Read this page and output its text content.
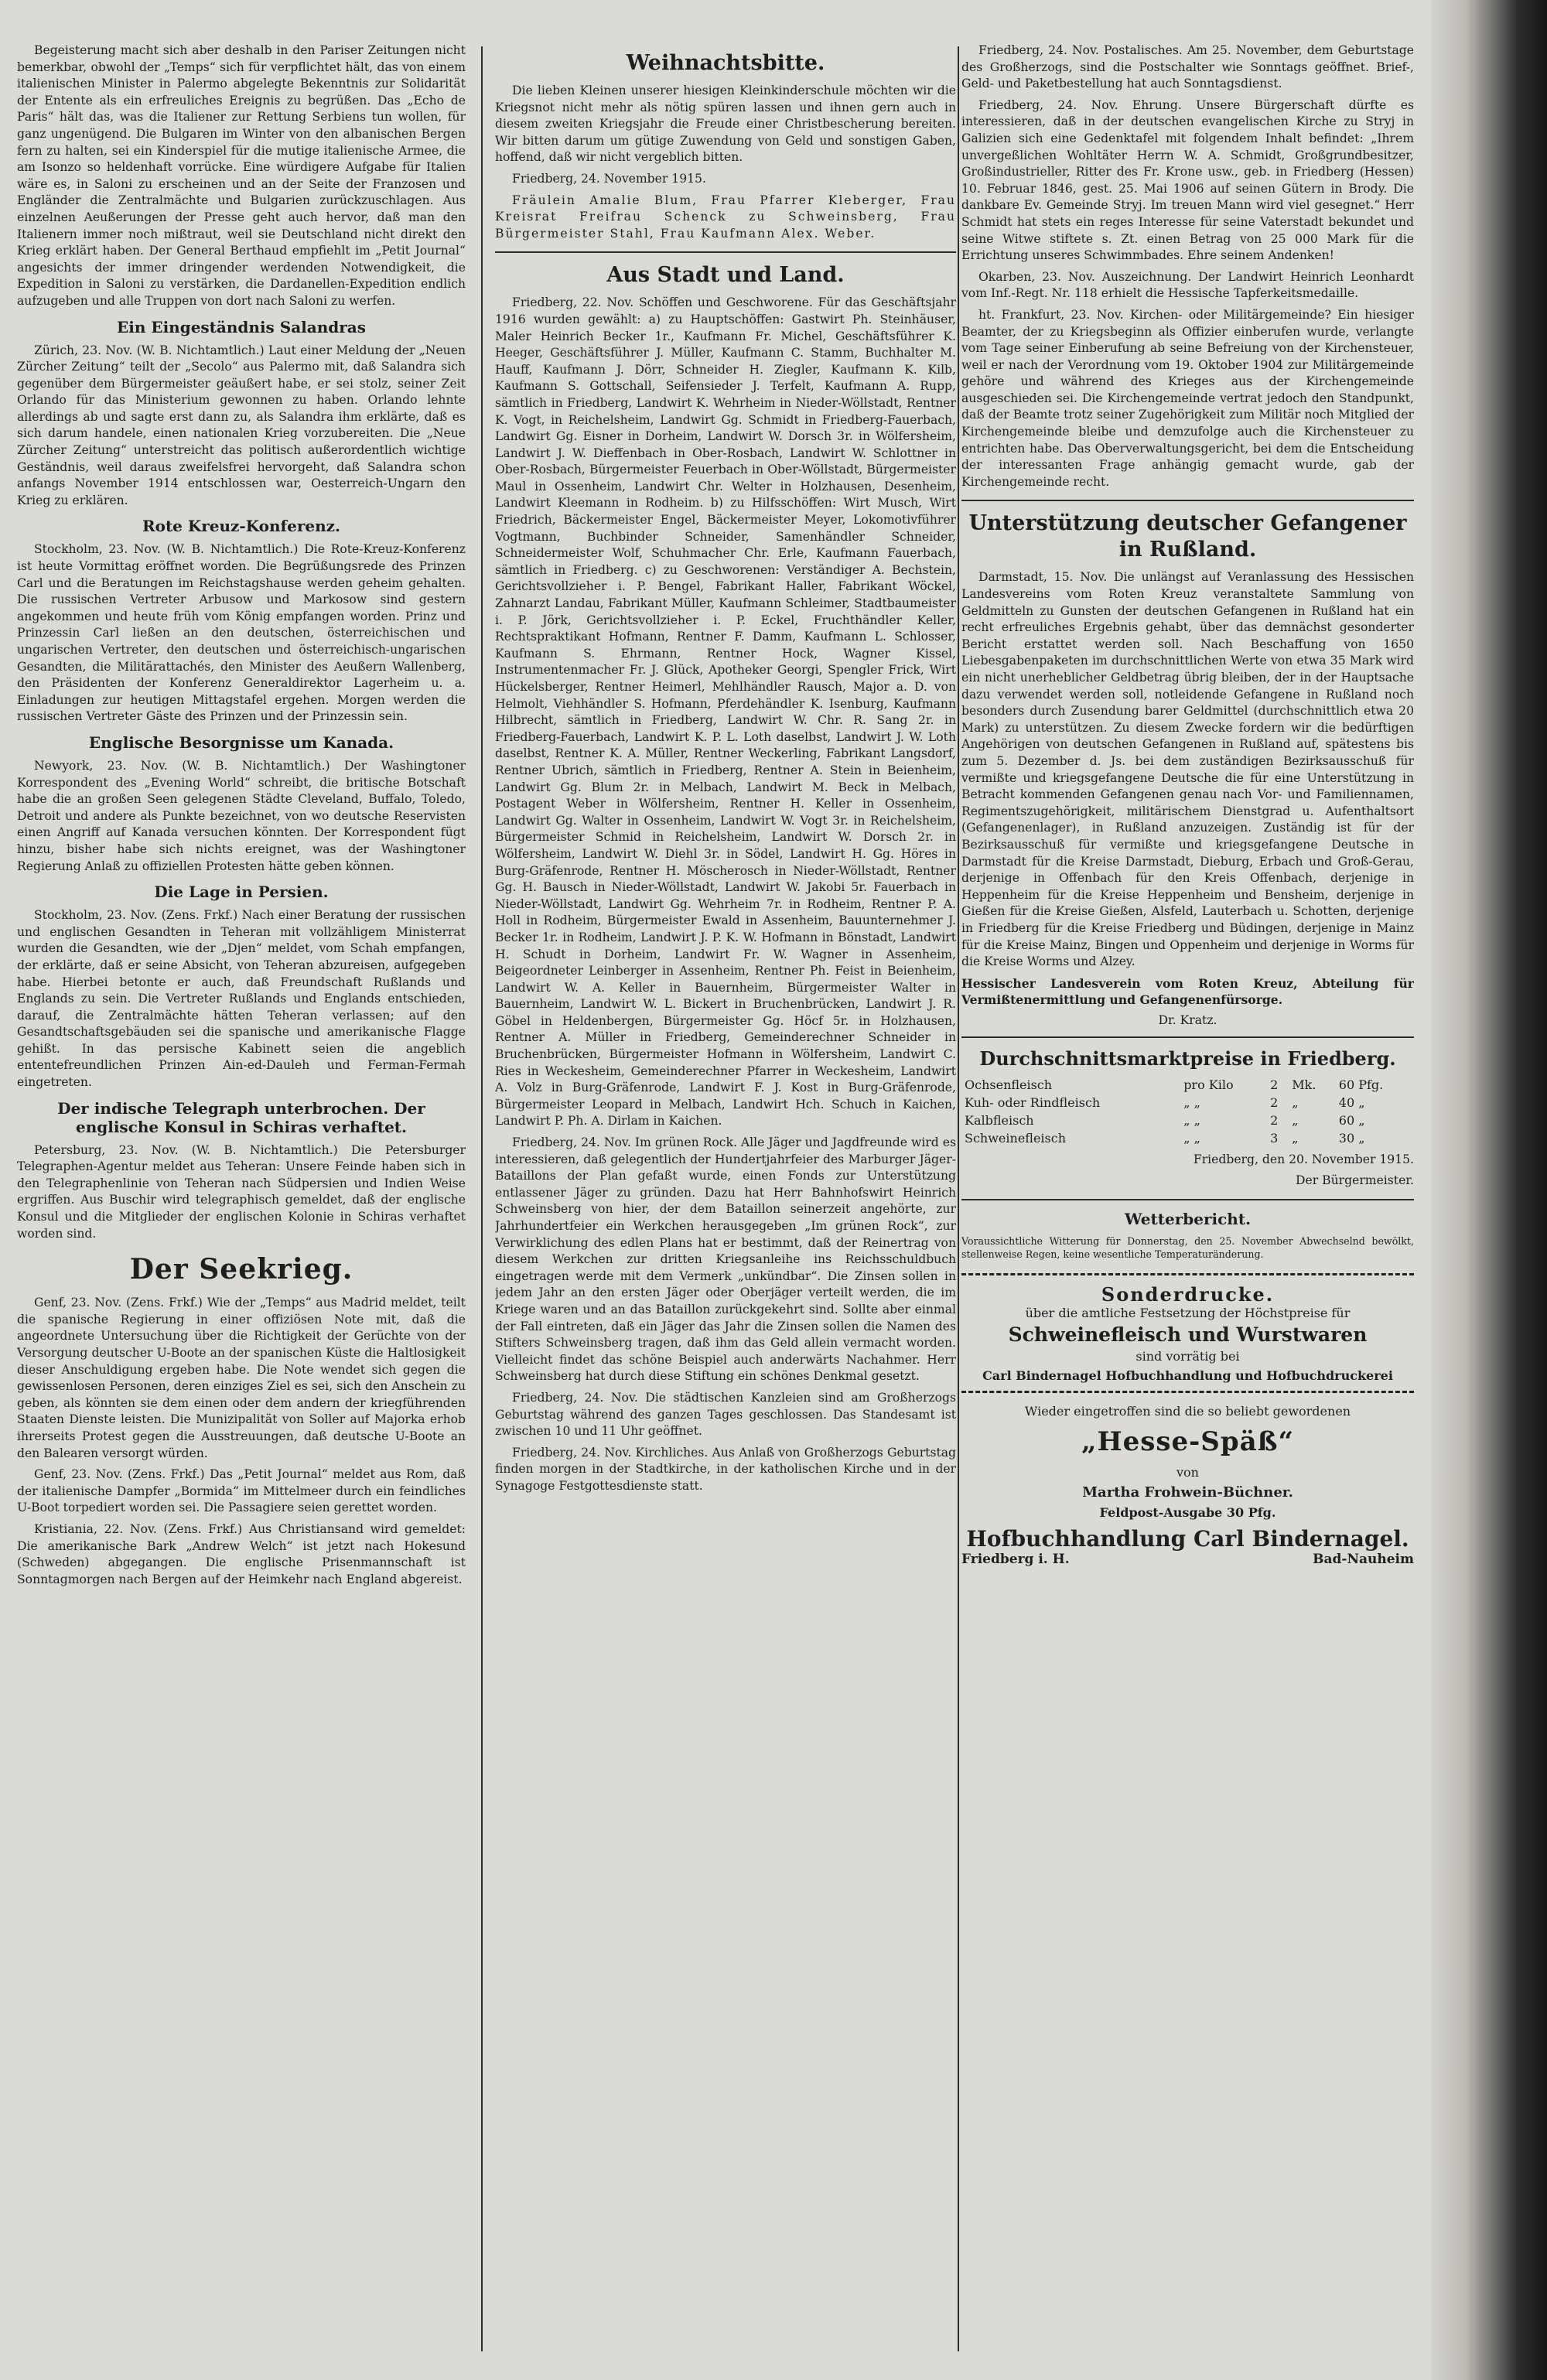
Begeisterung macht sich aber deshalb in den Pariser Zeitungen nicht bemerkbar, obwohl der „Temps“ sich für verpflichtet hält, das von einem italienischen Minister in Palermo abgelegte Bekenntnis zur Solidarität der Entente als ein erfreuliches Ereignis zu begrüßen. Das „Echo de Paris“ hält das, was die Italiener zur Rettung Serbiens tun wollen, für ganz ungenügend. Die Bulgaren im Winter von den albanischen Bergen fern zu halten, sei ein Kinderspiel für die mutige italienische Armee, die am Isonzo so heldenhaft vorrücke. Eine würdigere Aufgabe für Italien wäre es, in Saloni zu erscheinen und an der Seite der Franzosen und Engländer die Zentralmächte und Bulgarien zurückzuschlagen. Aus einzelnen Aeußerungen der Presse geht auch hervor, daß man den Italienern immer noch mißtraut, weil sie Deutschland nicht direkt den Krieg erklärt haben. Der General Berthaud empfiehlt im „Petit Journal“ angesichts der immer dringender werdenden Notwendigkeit, die Expedition in Saloni zu verstärken, die Dardanellen-Expedition endlich aufzugeben und alle Truppen von dort nach Saloni zu werfen.

Ein Eingeständnis Salandras

Zürich, 23. Nov. (W. B. Nichtamtlich.) Laut einer Meldung der „Neuen Zürcher Zeitung“ teilt der „Secolo“ aus Palermo mit, daß Salandra sich gegenüber dem Bürgermeister geäußert habe, er sei stolz, seiner Zeit Orlando für das Ministerium gewonnen zu haben. Orlando lehnte allerdings ab und sagte erst dann zu, als Salandra ihm erklärte, daß es sich darum handele, einen nationalen Krieg vorzubereiten. Die „Neue Zürcher Zeitung“ unterstreicht das politisch außerordentlich wichtige Geständnis, weil daraus zweifelsfrei hervorgeht, daß Salandra schon anfangs November 1914 entschlossen war, Oesterreich-Ungarn den Krieg zu erklären.

Rote Kreuz-Konferenz.

Stockholm, 23. Nov. (W. B. Nichtamtlich.) Die Rote-Kreuz-Konferenz ist heute Vormittag eröffnet worden. Die Begrüßungsrede des Prinzen Carl und die Beratungen im Reichstagshause werden geheim gehalten. Die russischen Vertreter Arbusow und Markosow sind gestern angekommen und heute früh vom König empfangen worden. Prinz und Prinzessin Carl ließen an den deutschen, österreichischen und ungarischen Vertreter, den deutschen und österreichisch-ungarischen Gesandten, die Militärattachés, den Minister des Aeußern Wallenberg, den Präsidenten der Konferenz Generaldirektor Lagerheim u. a. Einladungen zur heutigen Mittagstafel ergehen. Morgen werden die russischen Vertreter Gäste des Prinzen und der Prinzessin sein.

Englische Besorgnisse um Kanada.

Newyork, 23. Nov. (W. B. Nichtamtlich.) Der Washingtoner Korrespondent des „Evening World“ schreibt, die britische Botschaft habe die an großen Seen gelegenen Städte Cleveland, Buffalo, Toledo, Detroit und andere als Punkte bezeichnet, von wo deutsche Reservisten einen Angriff auf Kanada versuchen könnten. Der Korrespondent fügt hinzu, bisher habe sich nichts ereignet, was der Washingtoner Regierung Anlaß zu offiziellen Protesten hätte geben können.

Die Lage in Persien.

Stockholm, 23. Nov. (Zens. Frkf.) Nach einer Beratung der russischen und englischen Gesandten in Teheran mit vollzähligem Ministerrat wurden die Gesandten, wie der „Djen“ meldet, vom Schah empfangen, der erklärte, daß er seine Absicht, von Teheran abzureisen, aufgegeben habe. Hierbei betonte er auch, daß Freundschaft Rußlands und Englands zu sein. Die Vertreter Rußlands und Englands entschieden, darauf, die Zentralmächte hätten Teheran verlassen; auf den Gesandtschaftsgebäuden sei die spanische und amerikanische Flagge gehißt. In das persische Kabinett seien die angeblich ententefreundlichen Prinzen Ain-ed-Dauleh und Ferman-Fermah eingetreten.

Der indische Telegraph unterbrochen. Der englische Konsul in Schiras verhaftet.

Petersburg, 23. Nov. (W. B. Nichtamtlich.) Die Petersburger Telegraphen-Agentur meldet aus Teheran: Unsere Feinde haben sich in den Telegraphenlinie von Teheran nach Südpersien und Indien Weise ergriffen. Aus Buschir wird telegraphisch gemeldet, daß der englische Konsul und die Mitglieder der englischen Kolonie in Schiras verhaftet worden sind.

Der Seekrieg.

Genf, 23. Nov. (Zens. Frkf.) Wie der „Temps“ aus Madrid meldet, teilt die spanische Regierung in einer offiziösen Note mit, daß die angeordnete Untersuchung über die Richtigkeit der Gerüchte von der Versorgung deutscher U-Boote an der spanischen Küste die Haltlosigkeit dieser Anschuldigung ergeben habe. Die Note wendet sich gegen die gewissenlosen Personen, deren einziges Ziel es sei, sich den Anschein zu geben, als könnten sie dem einen oder dem andern der kriegführenden Staaten Dienste leisten. Die Munizipalität von Soller auf Majorka erhob ihrerseits Protest gegen die Ausstreuungen, daß deutsche U-Boote an den Balearen versorgt würden.

Genf, 23. Nov. (Zens. Frkf.) Das „Petit Journal“ meldet aus Rom, daß der italienische Dampfer „Bormida“ im Mittelmeer durch ein feindliches U-Boot torpediert worden sei. Die Passagiere seien gerettet worden.

Kristiania, 22. Nov. (Zens. Frkf.) Aus Christiansand wird gemeldet: Die amerikanische Bark „Andrew Welch“ ist jetzt nach Hokesund (Schweden) abgegangen. Die englische Prisenmannschaft ist Sonntagmorgen nach Bergen auf der Heimkehr nach England abgereist.

Weihnachtsbitte.

Die lieben Kleinen unserer hiesigen Kleinkinderschule möchten wir die Kriegsnot nicht mehr als nötig spüren lassen und ihnen gern auch in diesem zweiten Kriegsjahr die Freude einer Christbescherung bereiten. Wir bitten darum um gütige Zuwendung von Geld und sonstigen Gaben, hoffend, daß wir nicht vergeblich bitten.

Friedberg, 24. November 1915.

Fräulein Amalie Blum, Frau Pfarrer Kleberger, Frau Kreisrat Freifrau Schenck zu Schweinsberg, Frau Bürgermeister Stahl, Frau Kaufmann Alex. Weber.

Aus Stadt und Land.

Friedberg, 22. Nov. Schöffen und Geschworene. Für das Geschäftsjahr 1916 wurden gewählt: a) zu Hauptschöffen: Gastwirt Ph. Steinhäuser, Maler Heinrich Becker 1r., Kaufmann Fr. Michel, Geschäftsführer K. Heeger, Geschäftsführer J. Müller, Kaufmann C. Stamm, Buchhalter M. Hauff, Kaufmann J. Dörr, Schneider H. Ziegler, Kaufmann K. Kilb, Kaufmann S. Gottschall, Seifensieder J. Terfelt, Kaufmann A. Rupp, sämtlich in Friedberg, Landwirt K. Wehrheim in Nieder-Wöllstadt, Rentner K. Vogt, in Reichelsheim, Landwirt Gg. Schmidt in Friedberg-Fauerbach, Landwirt Gg. Eisner in Dorheim, Landwirt W. Dorsch 3r. in Wölfersheim, Landwirt J. W. Dieffenbach in Ober-Rosbach, Landwirt W. Schlottner in Ober-Rosbach, Bürgermeister Feuerbach in Ober-Wöllstadt, Bürgermeister Maul in Ossenheim, Landwirt Chr. Welter in Holzhausen, Desenheim, Landwirt Kleemann in Rodheim. b) zu Hilfsschöffen: Wirt Musch, Wirt Friedrich, Bäckermeister Engel, Bäckermeister Meyer, Lokomotivführer Vogtmann, Buchbinder Schneider, Samenhändler Schneider, Schneidermeister Wolf, Schuhmacher Chr. Erle, Kaufmann Fauerbach, sämtlich in Friedberg. c) zu Geschworenen: Verständiger A. Bechstein, Gerichtsvollzieher i. P. Bengel, Fabrikant Haller, Fabrikant Wöckel, Zahnarzt Landau, Fabrikant Müller, Kaufmann Schleimer, Stadtbaumeister i. P. Jörk, Gerichtsvollzieher i. P. Eckel, Fruchthändler Keller, Rechtspraktikant Hofmann, Rentner F. Damm, Kaufmann L. Schlosser, Kaufmann S. Ehrmann, Rentner Hock, Wagner Kissel, Instrumentenmacher Fr. J. Glück, Apotheker Georgi, Spengler Frick, Wirt Hückelsberger, Rentner Heimerl, Mehlhändler Rausch, Major a. D. von Helmolt, Viehhändler S. Hofmann, Pferdehändler K. Isenburg, Kaufmann Hilbrecht, sämtlich in Friedberg, Landwirt W. Chr. R. Sang 2r. in Friedberg-Fauerbach, Landwirt K. P. L. Loth daselbst, Landwirt J. W. Loth daselbst, Rentner K. A. Müller, Rentner Weckerling, Fabrikant Langsdorf, Rentner Ubrich, sämtlich in Friedberg, Rentner A. Stein in Beienheim, Landwirt Gg. Blum 2r. in Melbach, Landwirt M. Beck in Melbach, Postagent Weber in Wölfersheim, Rentner H. Keller in Ossenheim, Landwirt Gg. Walter in Ossenheim, Landwirt W. Vogt 3r. in Reichelsheim, Bürgermeister Schmid in Reichelsheim, Landwirt W. Dorsch 2r. in Wölfersheim, Landwirt W. Diehl 3r. in Södel, Landwirt H. Gg. Höres in Burg-Gräfenrode, Rentner H. Möscherosch in Nieder-Wöllstadt, Rentner Gg. H. Bausch in Nieder-Wöllstadt, Landwirt W. Jakobi 5r. Fauerbach in Nieder-Wöllstadt, Landwirt Gg. Wehrheim 7r. in Rodheim, Rentner P. A. Holl in Rodheim, Bürgermeister Ewald in Assenheim, Bauunternehmer J. Becker 1r. in Rodheim, Landwirt J. P. K. W. Hofmann in Bönstadt, Landwirt H. Schudt in Dorheim, Landwirt Fr. W. Wagner in Assenheim, Beigeordneter Leinberger in Assenheim, Rentner Ph. Feist in Beienheim, Landwirt W. A. Keller in Bauernheim, Bürgermeister Walter in Bauernheim, Landwirt W. L. Bickert in Bruchenbrücken, Landwirt J. R. Göbel in Heldenbergen, Bürgermeister Gg. Höcf 5r. in Holzhausen, Rentner A. Müller in Friedberg, Gemeinderechner Schneider in Bruchenbrücken, Bürgermeister Hofmann in Wölfersheim, Landwirt C. Ries in Weckesheim, Gemeinderechner Pfarrer in Weckesheim, Landwirt A. Volz in Burg-Gräfenrode, Landwirt F. J. Kost in Burg-Gräfenrode, Bürgermeister Leopard in Melbach, Landwirt Hch. Schuch in Kaichen, Landwirt P. Ph. A. Dirlam in Kaichen.

Friedberg, 24. Nov. Im grünen Rock. Alle Jäger und Jagdfreunde wird es interessieren, daß gelegentlich der Hundertjahrfeier des Marburger Jäger-Bataillons der Plan gefaßt wurde, einen Fonds zur Unterstützung entlassener Jäger zu gründen. Dazu hat Herr Bahnhofswirt Heinrich Schweinsberg von hier, der dem Bataillon seinerzeit angehörte, zur Jahrhundertfeier ein Werkchen herausgegeben „Im grünen Rock“, zur Verwirklichung des edlen Plans hat er bestimmt, daß der Reinertrag von diesem Werkchen zur dritten Kriegsanleihe ins Reichsschuldbuch eingetragen werde mit dem Vermerk „unkündbar“. Die Zinsen sollen in jedem Jahr an den ersten Jäger oder Oberjäger verteilt werden, die im Kriege waren und an das Bataillon zurückgekehrt sind. Sollte aber einmal der Fall eintreten, daß ein Jäger das Jahr die Zinsen sollen die Namen des Stifters Schweinsberg tragen, daß ihm das Geld allein vermacht worden. Vielleicht findet das schöne Beispiel auch anderwärts Nachahmer. Herr Schweinsberg hat durch diese Stiftung ein schönes Denkmal gesetzt.

Friedberg, 24. Nov. Die städtischen Kanzleien sind am Großherzogs Geburtstag während des ganzen Tages geschlossen. Das Standesamt ist zwischen 10 und 11 Uhr geöffnet.

Friedberg, 24. Nov. Kirchliches. Aus Anlaß von Großherzogs Geburtstag finden morgen in der Stadtkirche, in der katholischen Kirche und in der Synagoge Festgottesdienste statt.

Friedberg, 24. Nov. Postalisches. Am 25. November, dem Geburtstage des Großherzogs, sind die Postschalter wie Sonntags geöffnet. Brief-, Geld- und Paketbestellung hat auch Sonntagsdienst.

Friedberg, 24. Nov. Ehrung. Unsere Bürgerschaft dürfte es interessieren, daß in der deutschen evangelischen Kirche zu Stryj in Galizien sich eine Gedenktafel mit folgendem Inhalt befindet: „Ihrem unvergeßlichen Wohltäter Herrn W. A. Schmidt, Großgrundbesitzer, Großindustrieller, Ritter des Fr. Krone usw., geb. in Friedberg (Hessen) 10. Februar 1846, gest. 25. Mai 1906 auf seinen Gütern in Brody. Die dankbare Ev. Gemeinde Stryj. Im treuen Mann wird viel gesegnet.“ Herr Schmidt hat stets ein reges Interesse für seine Vaterstadt bekundet und seine Witwe stiftete s. Zt. einen Betrag von 25 000 Mark für die Errichtung unseres Schwimmbades. Ehre seinem Andenken!

Okarben, 23. Nov. Auszeichnung. Der Landwirt Heinrich Leonhardt vom Inf.-Regt. Nr. 118 erhielt die Hessische Tapferkeitsmedaille.

ht. Frankfurt, 23. Nov. Kirchen- oder Militärgemeinde? Ein hiesiger Beamter, der zu Kriegsbeginn als Offizier einberufen wurde, verlangte vom Tage seiner Einberufung ab seine Befreiung von der Kirchensteuer, weil er nach der Verordnung vom 19. Oktober 1904 zur Militärgemeinde gehöre und während des Krieges aus der Kirchengemeinde ausgeschieden sei. Die Kirchengemeinde vertrat jedoch den Standpunkt, daß der Beamte trotz seiner Zugehörigkeit zum Militär noch Mitglied der Kirchengemeinde bleibe und demzufolge auch die Kirchensteuer zu entrichten habe. Das Oberverwaltungsgericht, bei dem die Entscheidung der interessanten Frage anhängig gemacht wurde, gab der Kirchengemeinde recht.

Unterstützung deutscher Gefangener in Rußland.

Darmstadt, 15. Nov. Die unlängst auf Veranlassung des Hessischen Landesvereins vom Roten Kreuz veranstaltete Sammlung von Geldmitteln zu Gunsten der deutschen Gefangenen in Rußland hat ein recht erfreuliches Ergebnis gehabt, über das demnächst gesonderter Bericht erstattet werden soll. Nach Beschaffung von 1650 Liebesgabenpaketen im durchschnittlichen Werte von etwa 35 Mark wird ein nicht unerheblicher Geldbetrag übrig bleiben, der in der Hauptsache dazu verwendet werden soll, notleidende Gefangene in Rußland noch besonders durch Zusendung barer Geldmittel (durchschnittlich etwa 20 Mark) zu unterstützen. Zu diesem Zwecke fordern wir die bedürftigen Angehörigen von deutschen Gefangenen in Rußland auf, spätestens bis zum 5. Dezember d. Js. bei dem zuständigen Bezirksausschuß für vermißte und kriegsgefangene Deutsche die für eine Unterstützung in Betracht kommenden Gefangenen genau nach Vor- und Familiennamen, Regimentszugehörigkeit, militärischem Dienstgrad u. Aufenthaltsort (Gefangenenlager), in Rußland anzuzeigen. Zuständig ist für der Bezirksausschuß für vermißte und kriegsgefangene Deutsche in Darmstadt für die Kreise Darmstadt, Dieburg, Erbach und Groß-Gerau, derjenige in Offenbach für den Kreis Offenbach, derjenige in Heppenheim für die Kreise Heppenheim und Bensheim, derjenige in Gießen für die Kreise Gießen, Alsfeld, Lauterbach u. Schotten, derjenige in Friedberg für die Kreise Friedberg und Büdingen, derjenige in Mainz für die Kreise Mainz, Bingen und Oppenheim und derjenige in Worms für die Kreise Worms und Alzey.

Hessischer Landesverein vom Roten Kreuz, Abteilung für Vermißtenermittlung und Gefangenenfürsorge.

Dr. Kratz.
Durchschnittsmarktpreise in Friedberg.
Ochsenfleisch	pro Kilo	2	Mk.	60 Pfg.
Kuh- oder Rindfleisch	„ „	2	„	40 „
Kalbfleisch	„ „	2	„	60 „
Schweinefleisch	„ „	3	„	30 „

Friedberg, den 20. November 1915.

Der Bürgermeister.

Wetterbericht.
Voraussichtliche Witterung für Donnerstag, den 25. November Abwechselnd bewölkt, stellenweise Regen, keine wesentliche Temperaturänderung.
Sonderdrucke.
über die amtliche Festsetzung der Höchstpreise für
Schweinefleisch und Wurstwaren
sind vorrätig bei
Carl Bindernagel Hofbuchhandlung und Hofbuchdruckerei
Wieder eingetroffen sind die so beliebt gewordenen
„Hesse-Späß“
von
Martha Frohwein-Büchner.
Feldpost-Ausgabe 30 Pfg.
Hofbuchhandlung Carl Bindernagel.
Friedberg i. H.	Bad-Nauheim
